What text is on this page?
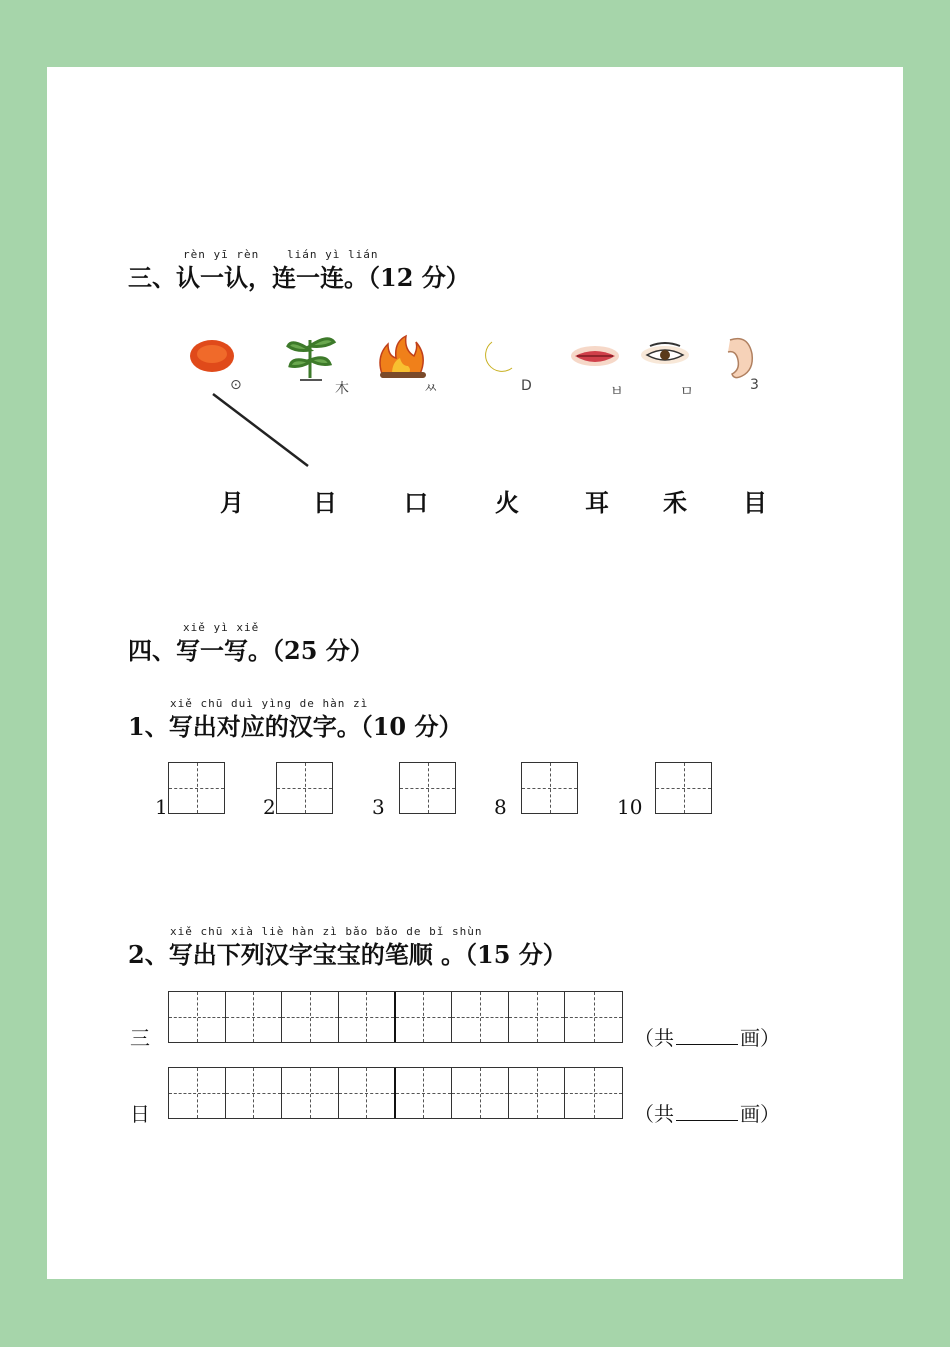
rèn yī rèn	lián yì lián
三、认一认，连一连。（12 分）
⊙	⽊	ㅆ	D	ㅂ	ㅁ	3
月	日	口	火	耳 禾 目
xiě yì xiě
四、写一写。（25 分）
xiě chū duì yìng de hàn zì
1、写出对应的汉字。（10 分）
1	2	3	8	10
xiě chū xià liè hàn zì bǎo bǎo de bǐ shùn
2、写出下列汉字宝宝的笔顺 。（15 分）
三	（共	画）
日	（共	画）
